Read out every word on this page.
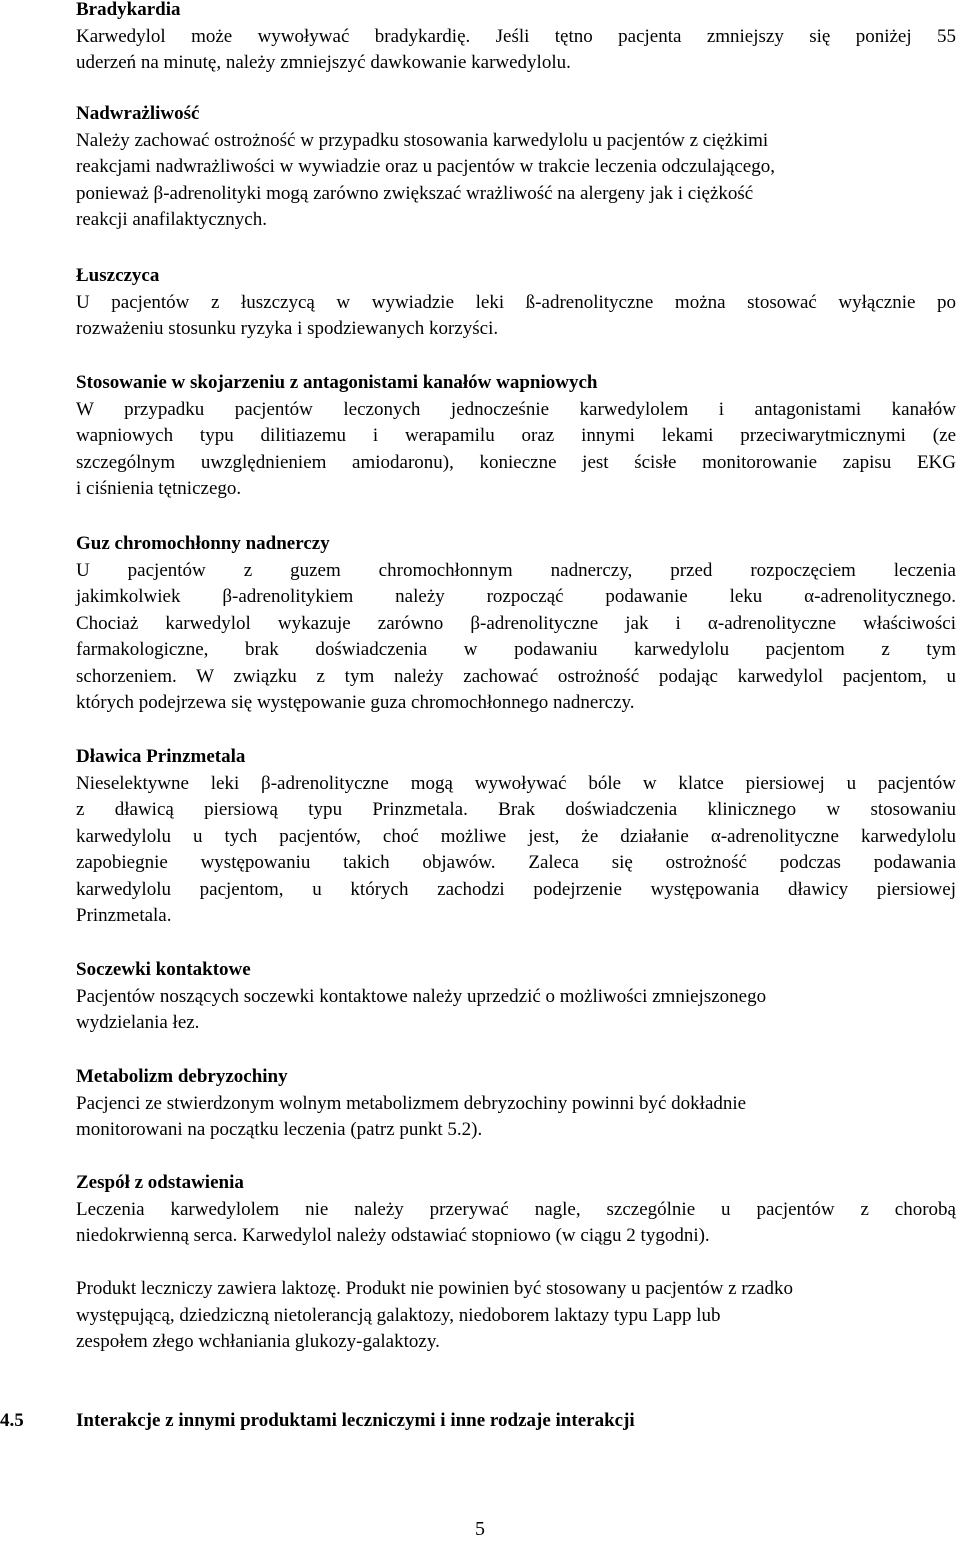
Bradykardia
Karwedylol może wywoływać bradykardię. Jeśli tętno pacjenta zmniejszy się poniżej 55
uderzeń na minutę, należy zmniejszyć dawkowanie karwedylolu.
Nadwrażliwość
Należy zachować ostrożność w przypadku stosowania karwedylolu u pacjentów z ciężkimi
reakcjami nadwrażliwości w wywiadzie oraz u pacjentów w trakcie leczenia odczulającego,
ponieważ β-adrenolityki mogą zarówno zwiększać wrażliwość na alergeny jak i ciężkość
reakcji anafilaktycznych.
Łuszczyca
U pacjentów z łuszczycą w wywiadzie leki ß-adrenolityczne można stosować wyłącznie po
rozważeniu stosunku ryzyka i spodziewanych korzyści.
Stosowanie w skojarzeniu z antagonistami kanałów wapniowych
W przypadku pacjentów leczonych jednocześnie karwedylolem i antagonistami kanałów
wapniowych typu dilitiazemu i werapamilu oraz innymi lekami przeciwarytmicznymi (ze
szczególnym uwzględnieniem amiodaronu), konieczne jest ścisłe monitorowanie zapisu EKG
i ciśnienia tętniczego.
Guz chromochłonny nadnerczy
U pacjentów z guzem chromochłonnym nadnerczy, przed rozpoczęciem leczenia
jakimkolwiek β-adrenolitykiem należy rozpocząć podawanie leku α-adrenolitycznego.
Chociaż karwedylol wykazuje zarówno β-adrenolityczne jak i α-adrenolityczne właściwości
farmakologiczne, brak doświadczenia w podawaniu karwedylolu pacjentom z tym
schorzeniem. W związku z tym należy zachować ostrożność podając karwedylol pacjentom, u
których podejrzewa się występowanie guza chromochłonnego nadnerczy.
Dławica Prinzmetala
Nieselektywne leki β-adrenolityczne mogą wywoływać bóle w klatce piersiowej u pacjentów
z dławicą piersiową typu Prinzmetala. Brak doświadczenia klinicznego w stosowaniu
karwedylolu u tych pacjentów, choć możliwe jest, że działanie α-adrenolityczne karwedylolu
zapobiegnie występowaniu takich objawów. Zaleca się ostrożność podczas podawania
karwedylolu pacjentom, u których zachodzi podejrzenie występowania dławicy piersiowej
Prinzmetala.
Soczewki kontaktowe
Pacjentów noszących soczewki kontaktowe należy uprzedzić o możliwości zmniejszonego
wydzielania łez.
Metabolizm debryzochiny
Pacjenci ze stwierdzonym wolnym metabolizmem debryzochiny powinni być dokładnie
monitorowani na początku leczenia (patrz punkt 5.2).
Zespół z odstawienia
Leczenia karwedylolem nie należy przerywać nagle, szczególnie u pacjentów z chorobą
niedokrwienną serca. Karwedylol należy odstawiać stopniowo (w ciągu 2 tygodni).
Produkt leczniczy zawiera laktozę. Produkt nie powinien być stosowany u pacjentów z rzadko
występującą, dziedziczną nietolerancją galaktozy, niedoborem laktazy typu Lapp lub
zespołem złego wchłaniania glukozy-galaktozy.
4.5	Interakcje z innymi produktami leczniczymi i inne rodzaje interakcji
5
